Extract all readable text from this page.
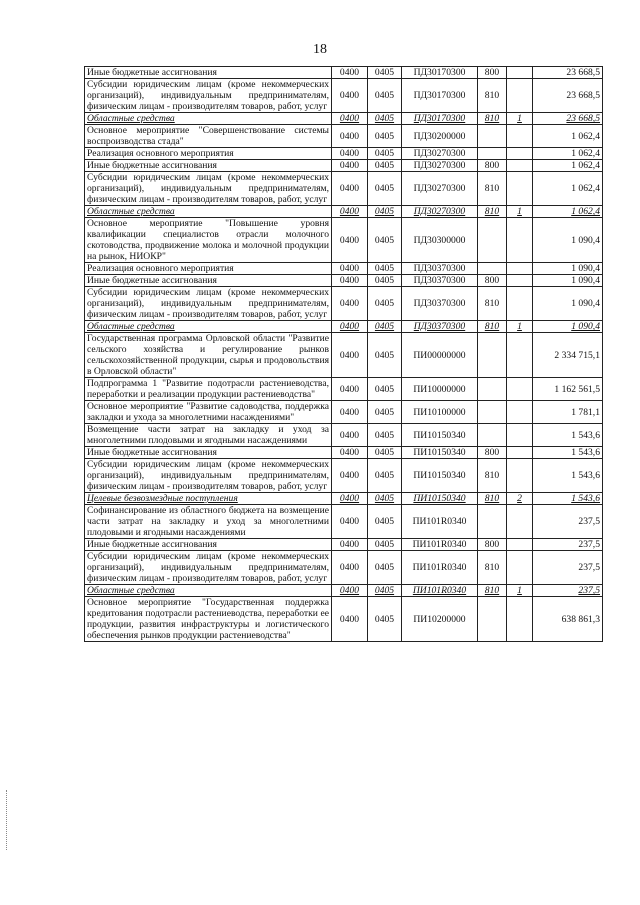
18
Иные бюджетные ассигнования	0400	0405	ПД30170300	800		23 668,5
Субсидии юридическим лицам (кроме некоммерческих организаций), индивидуальным предпринимателям, физическим лицам - производителям товаров, работ, услуг	0400	0405	ПД30170300	810		23 668,5
Областные средства	0400	0405	ПД30170300	810	1	23 668,5
Основное мероприятие "Совершенствование системы воспроизводства стада"	0400	0405	ПД30200000			1 062,4
Реализация основного мероприятия	0400	0405	ПД30270300			1 062,4
Иные бюджетные ассигнования	0400	0405	ПД30270300	800		1 062,4
Субсидии юридическим лицам (кроме некоммерческих организаций), индивидуальным предпринимателям, физическим лицам - производителям товаров, работ, услуг	0400	0405	ПД30270300	810		1 062,4
Областные средства	0400	0405	ПД30270300	810	1	1 062,4
Основное мероприятие "Повышение уровня квалификации специалистов отрасли молочного скотоводства, продвижение молока и молочной продукции на рынок, НИОКР"	0400	0405	ПД30300000			1 090,4
Реализация основного мероприятия	0400	0405	ПД30370300			1 090,4
Иные бюджетные ассигнования	0400	0405	ПД30370300	800		1 090,4
Субсидии юридическим лицам (кроме некоммерческих организаций), индивидуальным предпринимателям, физическим лицам - производителям товаров, работ, услуг	0400	0405	ПД30370300	810		1 090,4
Областные средства	0400	0405	ПД30370300	810	1	1 090,4
Государственная программа Орловской области "Развитие сельского хозяйства и регулирование рынков сельскохозяйственной продукции, сырья и продовольствия в Орловской области"	0400	0405	ПИ00000000			2 334 715,1
Подпрограмма 1 "Развитие подотрасли растениеводства, переработки и реализации продукции растениеводства"	0400	0405	ПИ10000000			1 162 561,5
Основное мероприятие "Развитие садоводства, поддержка закладки и ухода за многолетними насаждениями"	0400	0405	ПИ10100000			1 781,1
Возмещение части затрат на закладку и уход за многолетними плодовыми и ягодными насаждениями	0400	0405	ПИ10150340			1 543,6
Иные бюджетные ассигнования	0400	0405	ПИ10150340	800		1 543,6
Субсидии юридическим лицам (кроме некоммерческих организаций), индивидуальным предпринимателям, физическим лицам - производителям товаров, работ, услуг	0400	0405	ПИ10150340	810		1 543,6
Целевые безвозмездные поступления	0400	0405	ПИ10150340	810	2	1 543,6
Софинансирование из областного бюджета на возмещение части затрат на закладку и уход за многолетними плодовыми и ягодными насаждениями	0400	0405	ПИ101R0340			237,5
Иные бюджетные ассигнования	0400	0405	ПИ101R0340	800		237,5
Субсидии юридическим лицам (кроме некоммерческих организаций), индивидуальным предпринимателям, физическим лицам - производителям товаров, работ, услуг	0400	0405	ПИ101R0340	810		237,5
Областные средства	0400	0405	ПИ101R0340	810	1	237,5
Основное мероприятие "Государственная поддержка кредитования подотрасли растениеводства, переработки ее продукции, развития инфраструктуры и логистического обеспечения рынков продукции растениеводства"	0400	0405	ПИ10200000			638 861,3
